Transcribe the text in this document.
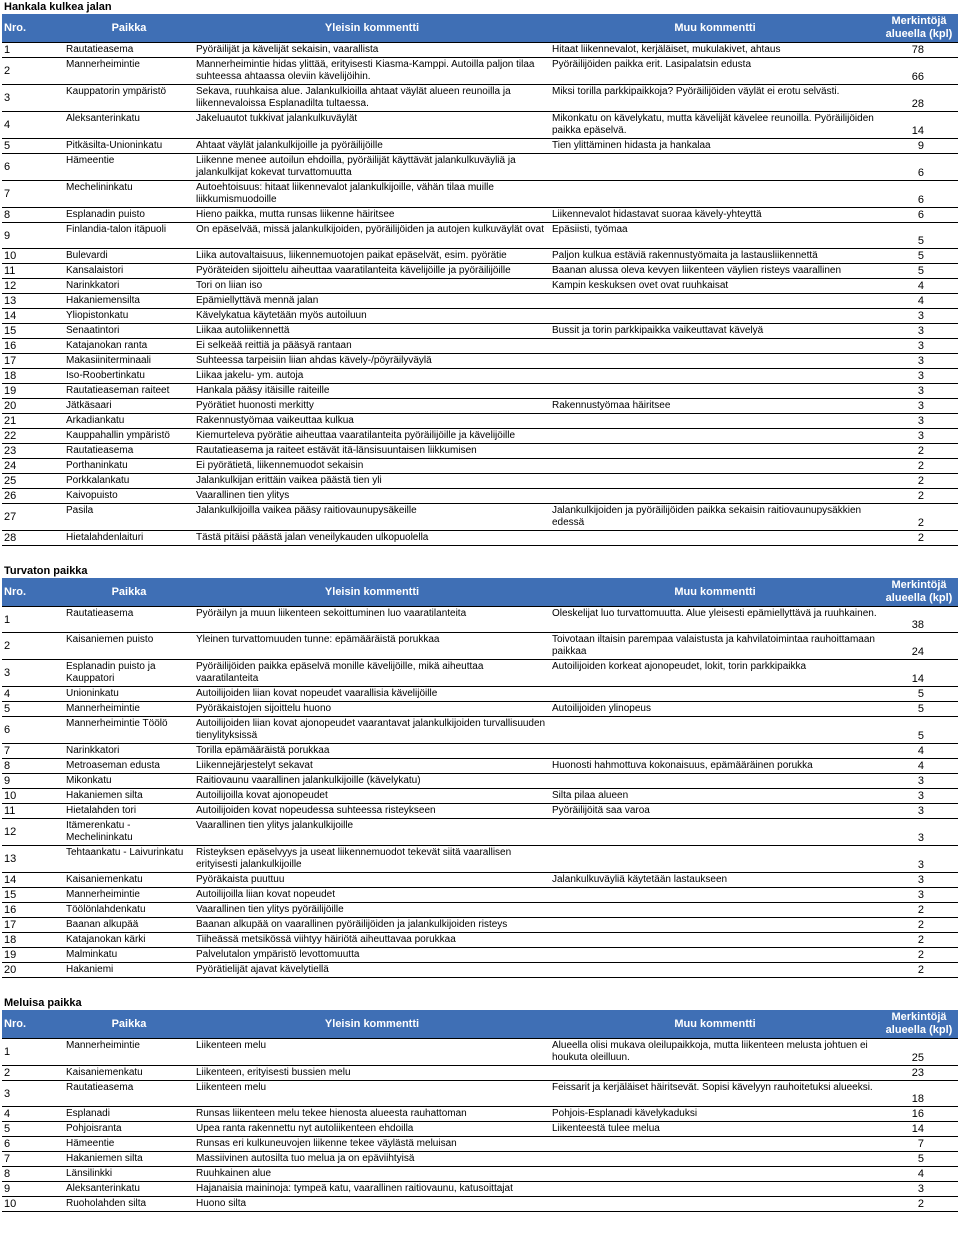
Hankala kulkea jalan
Nro.	Paikka	Yleisin kommentti	Muu kommentti	Merkintöjä alueella (kpl)
1	Rautatieasema	Pyöräilijät ja kävelijät sekaisin, vaarallista	Hitaat liikennevalot, kerjäläiset, mukulakivet, ahtaus	78
2	Mannerheimintie	Mannerheimintie hidas ylittää, erityisesti Kiasma-Kamppi. Autoilla paljon tilaa suhteessa ahtaassa oleviin kävelijöihin.	Pyöräilijöiden paikka erit. Lasipalatsin edusta	66
3	Kauppatorin ympäristö	Sekava, ruuhkaisa alue. Jalankulkioilla ahtaat väylät alueen reunoilla ja liikennevaloissa Esplanadilta tultaessa.	Miksi torilla parkkipaikkoja? Pyöräilijöiden väylät ei erotu selvästi.	28
4	Aleksanterinkatu	Jakeluautot tukkivat jalankulkuväylät	Mikonkatu on kävelykatu, mutta kävelijät kävelee reunoilla. Pyöräilijöiden paikka epäselvä.	14
5	Pitkäsilta-Unioninkatu	Ahtaat väylät jalankulkijoille ja pyöräilijöille	Tien ylittäminen hidasta ja hankalaa	9
6	Hämeentie	Liikenne menee autoilun ehdoilla, pyöräilijät käyttävät jalankulkuväyliä ja jalankulkijat kokevat turvattomuutta		6
7	Mechelininkatu	Autoehtoisuus: hitaat liikennevalot jalankulkijoille, vähän tilaa muille liikkumismuodoille		6
8	Esplanadin puisto	Hieno paikka, mutta runsas liikenne häiritsee	Liikennevalot hidastavat suoraa kävely-yhteyttä	6
9	Finlandia-talon itäpuoli	On epäselvää, missä jalankulkijoiden, pyöräilijöiden ja autojen kulkuväylät ovat	Epäsiisti, työmaa	5
10	Bulevardi	Liika autovaltaisuus, liikennemuotojen paikat epäselvät, esim. pyörätie	Paljon kulkua estäviä rakennustyömaita ja lastausliikennettä	5
11	Kansalaistori	Pyöräteiden sijoittelu aiheuttaa vaaratilanteita kävelijöille ja pyöräilijöille	Baanan alussa oleva kevyen liikenteen väylien risteys vaarallinen	5
12	Narinkkatori	Tori on liian iso	Kampin keskuksen ovet ovat ruuhkaisat	4
13	Hakaniemensilta	Epämiellyttävä mennä jalan		4
14	Yliopistonkatu	Kävelykatua käytetään myös autoiluun		3
15	Senaatintori	Liikaa autoliikennettä	Bussit ja torin parkkipaikka vaikeuttavat kävelyä	3
16	Katajanokan ranta	Ei selkeää reittiä ja pääsyä rantaan		3
17	Makasiiniterminaali	Suhteessa tarpeisiin liian ahdas kävely-/pöyräilyväylä		3
18	Iso-Roobertinkatu	Liikaa jakelu- ym. autoja		3
19	Rautatieaseman raiteet	Hankala pääsy itäisille raiteille		3
20	Jätkäsaari	Pyörätiet huonosti merkitty	Rakennustyömaa häiritsee	3
21	Arkadiankatu	Rakennustyömaa vaikeuttaa kulkua		3
22	Kauppahallin ympäristö	Kiemurteleva pyörätie aiheuttaa vaaratilanteita pyöräilijöille ja kävelijöille		3
23	Rautatieasema	Rautatieasema ja raiteet estävät itä-länsisuuntaisen liikkumisen		2
24	Porthaninkatu	Ei pyörätietä, liikennemuodot sekaisin		2
25	Porkkalankatu	Jalankulkijan erittäin vaikea päästä tien yli		2
26	Kaivopuisto	Vaarallinen tien ylitys		2
27	Pasila	Jalankulkijoilla vaikea pääsy raitiovaunupysäkeille	Jalankulkijoiden ja pyöräilijöiden paikka sekaisin raitiovaunupysäkkien edessä	2
28	Hietalahdenlaituri	Tästä pitäisi päästä jalan veneilykauden ulkopuolella		2
Turvaton paikka
Nro.	Paikka	Yleisin kommentti	Muu kommentti	Merkintöjä alueella (kpl)
1	Rautatieasema	Pyöräilyn ja muun liikenteen sekoittuminen luo vaaratilanteita	Oleskelijat luo turvattomuutta. Alue yleisesti epämiellyttävä ja ruuhkainen.	38
2	Kaisaniemen puisto	Yleinen turvattomuuden tunne: epämääräistä porukkaa	Toivotaan iltaisin parempaa valaistusta ja kahvilatoimintaa rauhoittamaan paikkaa	24
3	Esplanadin puisto ja Kauppatori	Pyöräilijöiden paikka epäselvä monille kävelijöille, mikä aiheuttaa vaaratilanteita	Autoilijoiden korkeat ajonopeudet, lokit, torin parkkipaikka	14
4	Unioninkatu	Autoilijoiden liian kovat nopeudet vaarallisia kävelijöille		5
5	Mannerheimintie	Pyöräkaistojen sijoittelu huono	Autoilijoiden ylinopeus	5
6	Mannerheimintie Töölö	Autoilijoiden liian kovat ajonopeudet vaarantavat jalankulkijoiden turvallisuuden tienylityksissä		5
7	Narinkkatori	Torilla epämääräistä porukkaa		4
8	Metroaseman edusta	Liikennejärjestelyt sekavat	Huonosti hahmottuva kokonaisuus, epämääräinen porukka	4
9	Mikonkatu	Raitiovaunu vaarallinen jalankulkijoille (kävelykatu)		3
10	Hakaniemen silta	Autoilijoilla kovat ajonopeudet	Silta pilaa alueen	3
11	Hietalahden tori	Autoilijoiden kovat nopeudessa suhteessa risteykseen	Pyöräilijöitä saa varoa	3
12	Itämerenkatu - Mechelininkatu	Vaarallinen tien ylitys jalankulkijoille		3
13	Tehtaankatu - Laivurinkatu	Risteyksen epäselvyys ja useat liikennemuodot tekevät siitä vaarallisen erityisesti jalankulkijoille		3
14	Kaisaniemenkatu	Pyöräkaista puuttuu	Jalankulkuväyliä käytetään lastaukseen	3
15	Mannerheimintie	Autoilijoilla liian kovat nopeudet		3
16	Töölönlahdenkatu	Vaarallinen tien ylitys pyöräilijöille		2
17	Baanan alkupää	Baanan alkupää on vaarallinen pyöräilijöiden ja jalankulkijoiden risteys		2
18	Katajanokan kärki	Tiiheässä metsikössä viihtyy häiriötä aiheuttavaa porukkaa		2
19	Malminkatu	Palvelutalon ympäristö levottomuutta		2
20	Hakaniemi	Pyörätielijät ajavat kävelytiellä		2
Meluisa paikka
Nro.	Paikka	Yleisin kommentti	Muu kommentti	Merkintöjä alueella (kpl)
1	Mannerheimintie	Liikenteen melu	Alueella olisi mukava oleilupaikkoja, mutta liikenteen melusta johtuen ei houkuta oleilluun.	25
2	Kaisaniemenkatu	Liikenteen, erityisesti bussien melu		23
3	Rautatieasema	Liikenteen melu	Feissarit ja kerjäläiset häiritsevät. Sopisi kävelyyn rauhoitetuksi alueeksi.	18
4	Esplanadi	Runsas liikenteen melu tekee hienosta alueesta rauhattoman	Pohjois-Esplanadi kävelykaduksi	16
5	Pohjoisranta	Upea ranta rakennettu nyt autoliikenteen ehdoilla	Liikenteestä tulee melua	14
6	Hämeentie	Runsas eri kulkuneuvojen liikenne tekee väylästä meluisan		7
7	Hakaniemen silta	Massiivinen autosilta tuo melua ja on epäviihtyisä		5
8	Länsilinkki	Ruuhkainen alue		4
9	Aleksanterinkatu	Hajanaisia maininoja: tympeä katu, vaarallinen raitiovaunu, katusoittajat		3
10	Ruoholahden silta	Huono silta		2
